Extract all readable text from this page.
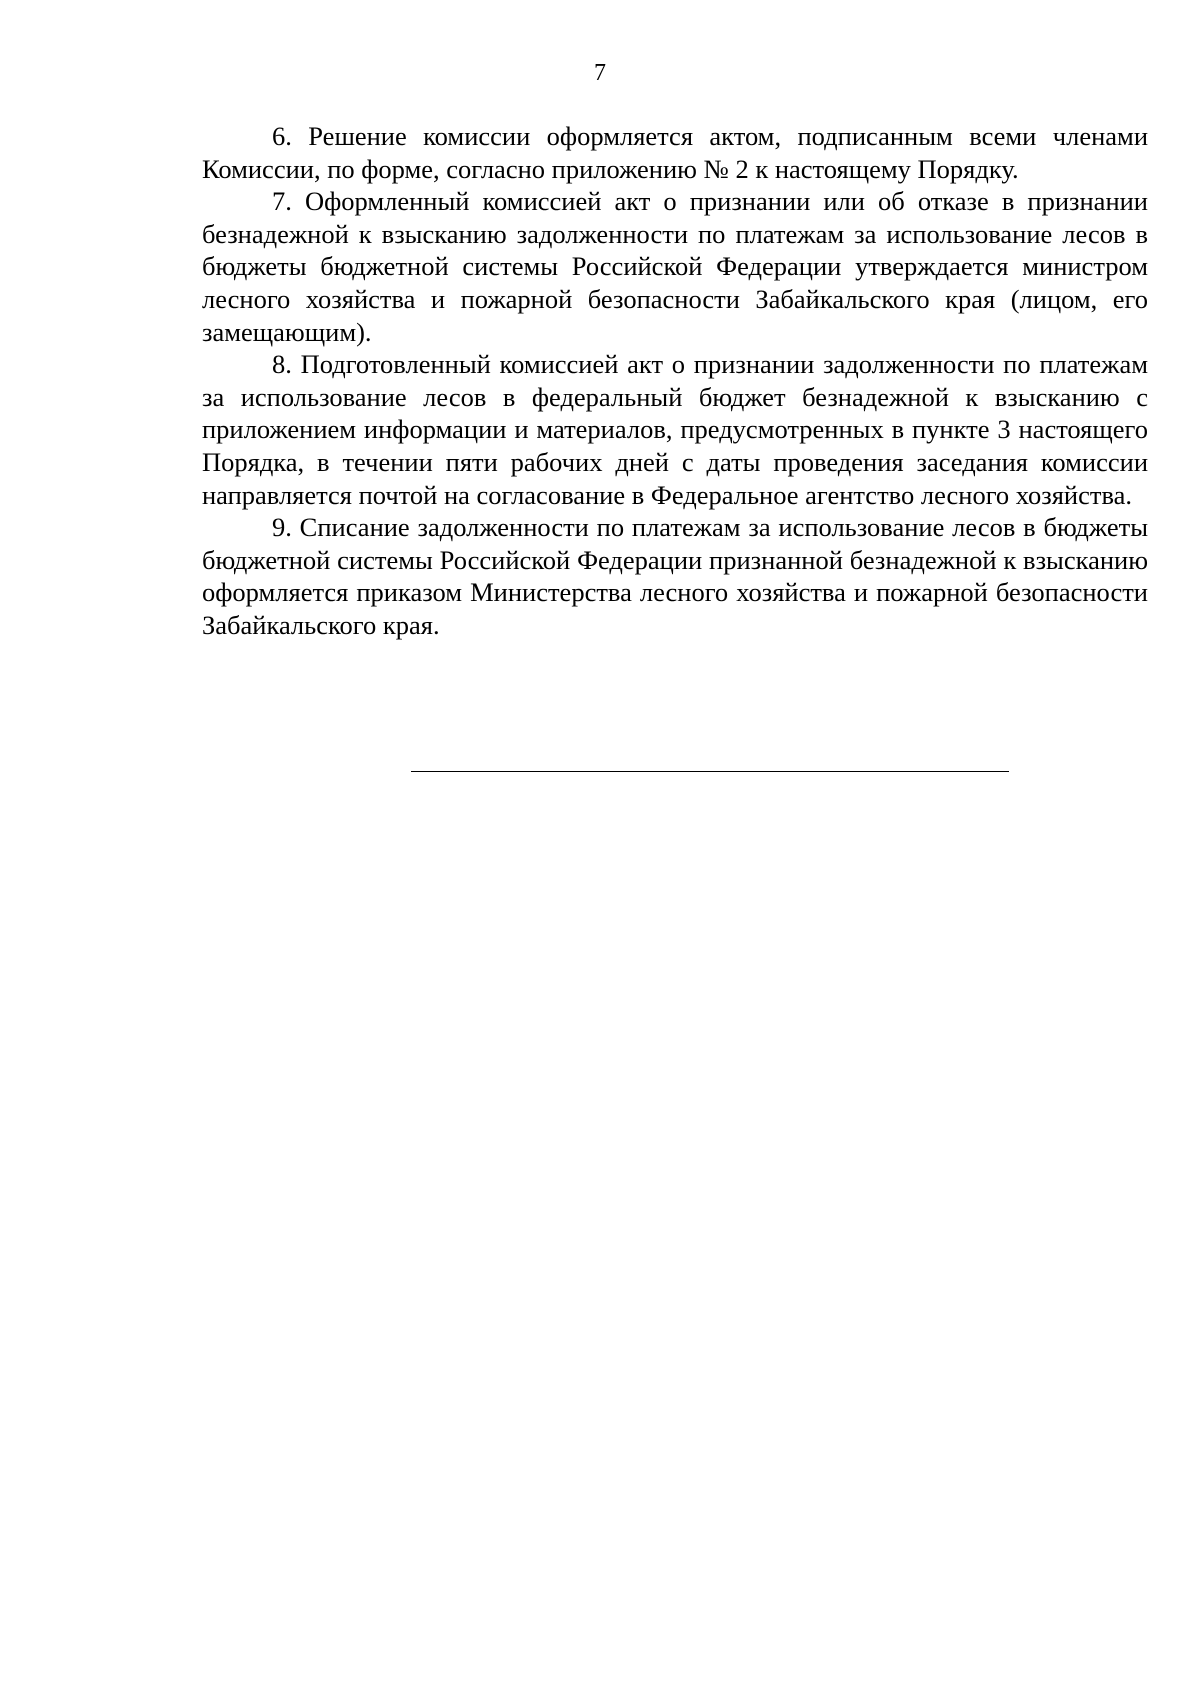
7

6. Решение комиссии оформляется актом, подписанным всеми членами Комиссии, по форме, согласно приложению № 2 к настоящему Порядку.

7. Оформленный комиссией акт о признании или об отказе в признании безнадежной к взысканию задолженности по платежам за использование лесов в бюджеты бюджетной системы Российской Федерации утверждается министром лесного хозяйства и пожарной безопасности Забайкальского края (лицом, его замещающим).

8. Подготовленный комиссией акт о признании задолженности по платежам за использование лесов в федеральный бюджет безнадежной к взысканию с приложением информации и материалов, предусмотренных в пункте 3 настоящего Порядка, в течении пяти рабочих дней с даты проведения заседания комиссии направляется почтой на согласование в Федеральное агентство лесного хозяйства.

9. Списание задолженности по платежам за использование лесов в бюджеты бюджетной системы Российской Федерации признанной безнадежной к взысканию оформляется приказом Министерства лесного хозяйства и пожарной безопасности Забайкальского края.
